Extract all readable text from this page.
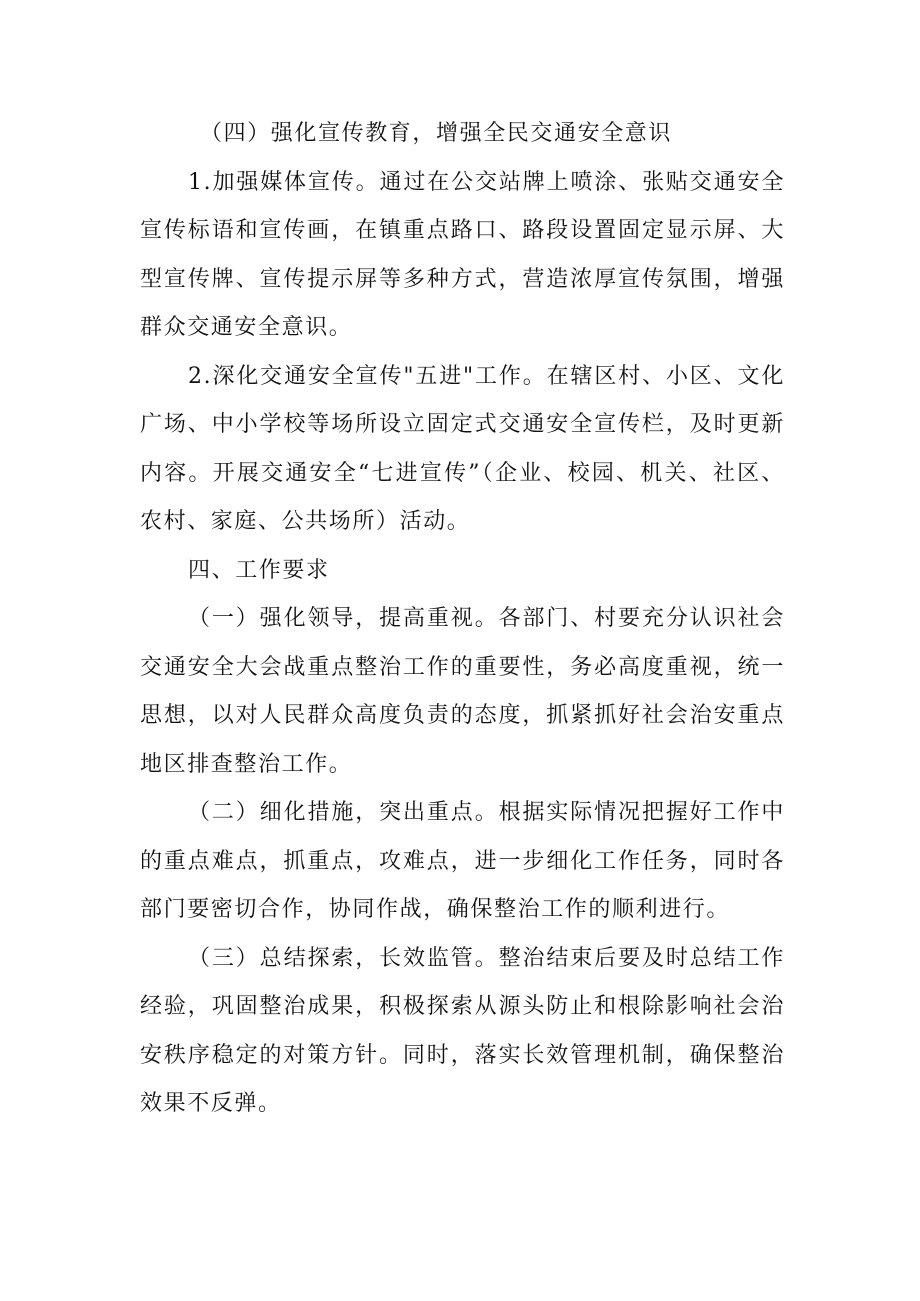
（四）强化宣传教育，增强全民交通安全意识

1.加强媒体宣传。通过在公交站牌上喷涂、张贴交通安全宣传标语和宣传画，在镇重点路口、路段设置固定显示屏、大型宣传牌、宣传提示屏等多种方式，营造浓厚宣传氛围，增强群众交通安全意识。

2.深化交通安全宣传"五进"工作。在辖区村、小区、文化广场、中小学校等场所设立固定式交通安全宣传栏，及时更新内容。开展交通安全“七进宣传”（企业、校园、机关、社区、农村、家庭、公共场所）活动。

四、工作要求

（一）强化领导，提高重视。各部门、村要充分认识社会交通安全大会战重点整治工作的重要性，务必高度重视，统一思想，以对人民群众高度负责的态度，抓紧抓好社会治安重点地区排查整治工作。

（二）细化措施，突出重点。根据实际情况把握好工作中的重点难点，抓重点，攻难点，进一步细化工作任务，同时各部门要密切合作，协同作战，确保整治工作的顺利进行。

（三）总结探索，长效监管。整治结束后要及时总结工作经验，巩固整治成果，积极探索从源头防止和根除影响社会治安秩序稳定的对策方针。同时，落实长效管理机制，确保整治效果不反弹。
